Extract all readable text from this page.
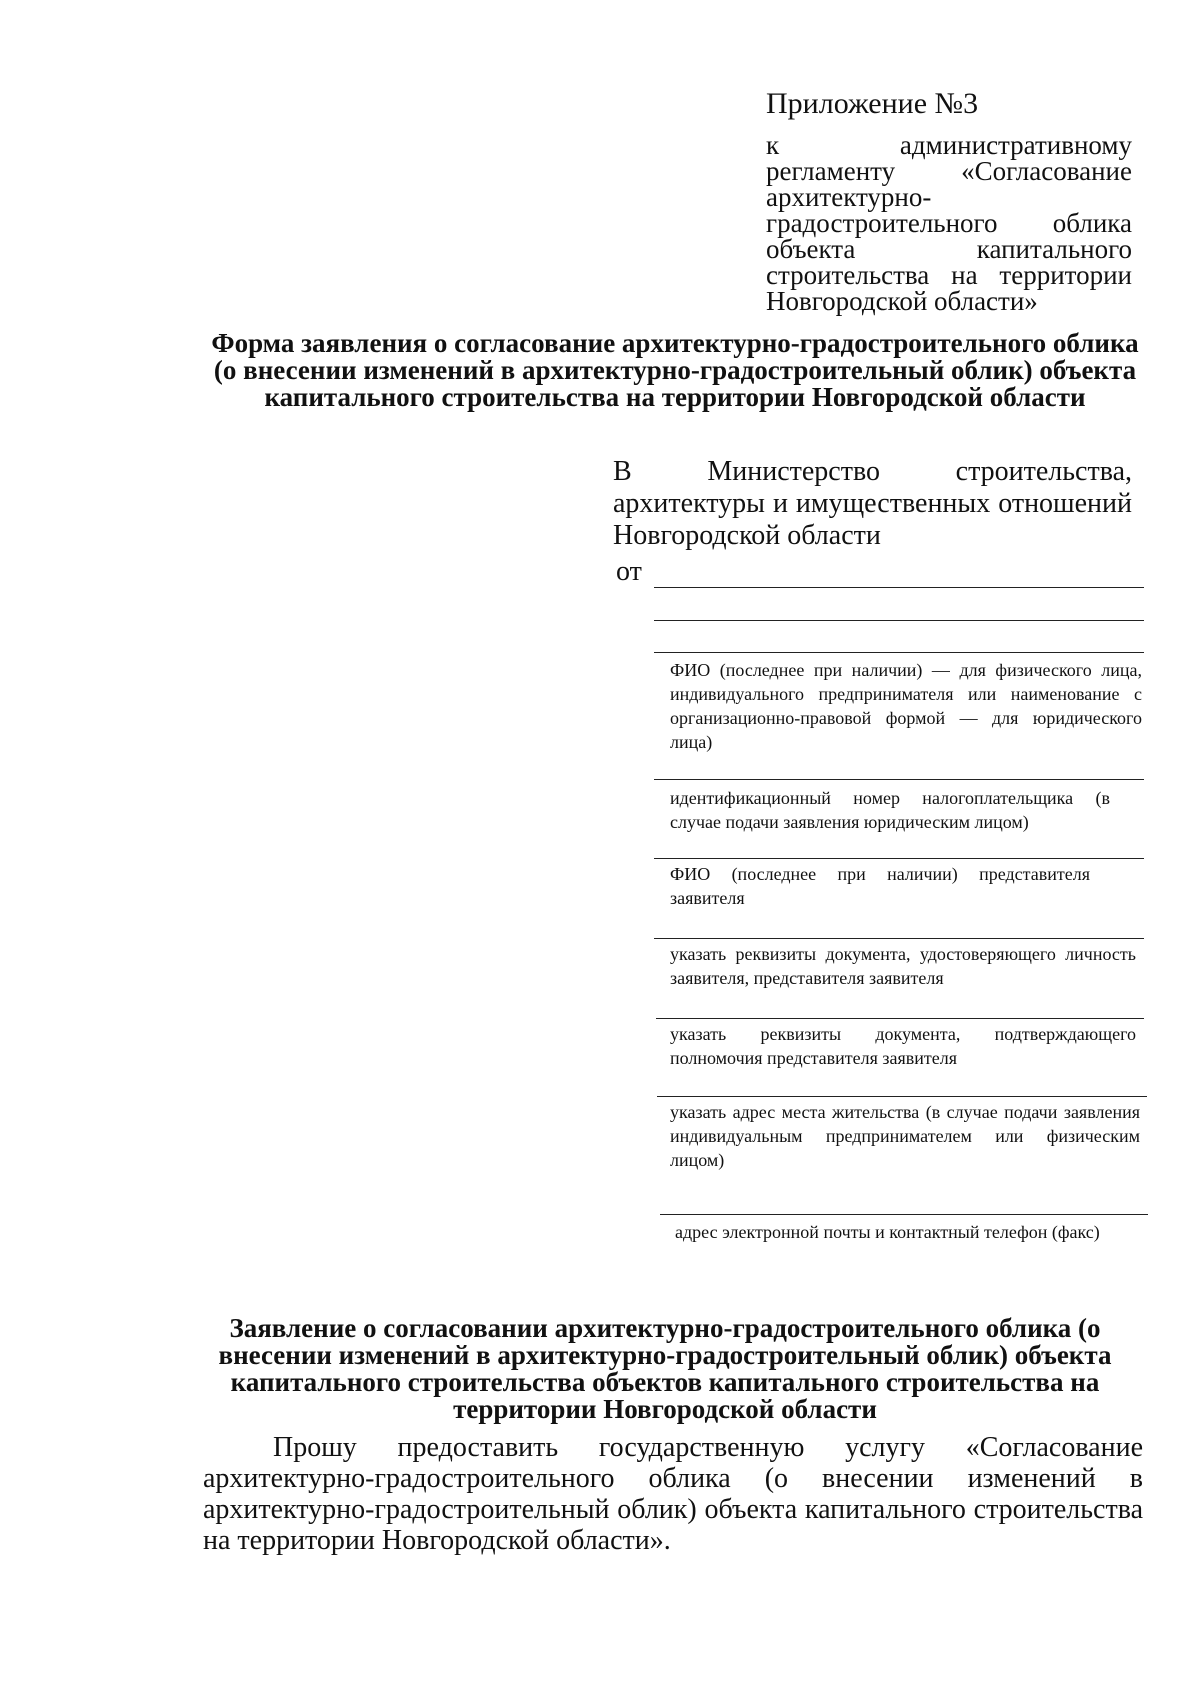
Приложение №3

к административному регламенту «Согласование архитектурно-градостроительного облика объекта капитального строительства на территории Новгородской области»

Форма заявления о согласование архитектурно-градостроительного облика (о внесении изменений в архитектурно-градостроительный облик) объекта капитального строительства на территории Новгородской области

В Министерство строительства, архитектуры и имущественных отношений Новгородской области

от

ФИО (последнее при наличии) — для физического лица, индивидуального предпринимателя или наименование с организационно-правовой формой — для юридического лица)

идентификационный номер налогоплательщика (в случае подачи заявления юридическим лицом)

ФИО (последнее при наличии) представителя заявителя

указать реквизиты документа, удостоверяющего личность заявителя, представителя заявителя

указать реквизиты документа, подтверждающего полномочия представителя заявителя

указать адрес места жительства (в случае подачи заявления индивидуальным предпринимателем или физическим лицом)

адрес электронной почты и контактный телефон (факс)

Заявление о согласовании архитектурно-градостроительного облика (о внесении изменений в архитектурно-градостроительный облик) объекта капитального строительства объектов капитального строительства на территории Новгородской области

Прошу предоставить государственную услугу «Согласование архитектурно-градостроительного облика (о внесении изменений в архитектурно-градостроительный облик) объекта капитального строительства на территории Новгородской области».
